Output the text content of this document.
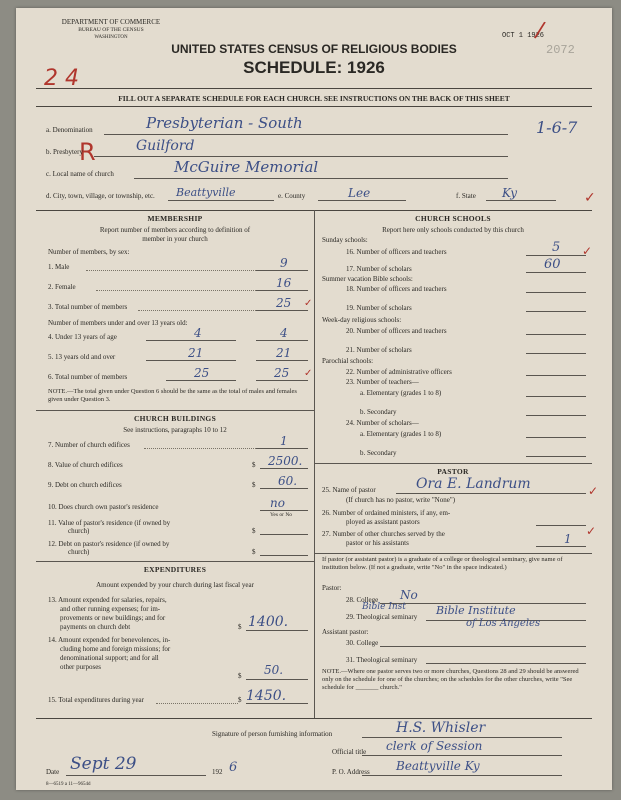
DEPARTMENT OF COMMERCE
BUREAU OF THE CENSUS
WASHINGTON
UNITED STATES CENSUS OF RELIGIOUS BODIES
SCHEDULE: 1926
2 4
OCT 1 1926
2072
/
FILL OUT A SEPARATE SCHEDULE FOR EACH CHURCH. SEE INSTRUCTIONS ON THE BACK OF THIS SHEET
a. Denomination	Presbyterian - South	1-6-7
R
b. Presbytery	Guilford
c. Local name of church	McGuire Memorial
d. City, town, village, or township, etc. Beattyville	e. County	Lee	f. State Ky	✓
MEMBERSHIP
Report number of members according to definition of
member in your church
Number of members, by sex:
1. Male	9
2. Female	16
3. Total number of members	25
Number of members under and over 13 years old:
4. Under 13 years of age	4	4
5. 13 years old and over	21	21
6. Total number of members	25	25
NOTE.—The total given under Question 6 should be the same as the total of males and females given under Question 3.
CHURCH BUILDINGS
See instructions, paragraphs 10 to 12
7. Number of church edifices	1
8. Value of church edifices	$ 2500.
9. Debt on church edifices	$ 60.
10. Does church own pastor's residence	no
Yes or No
11. Value of pastor's residence (if owned by
church)	$
12. Debt on pastor's residence (if owned by
church)	$
EXPENDITURES
Amount expended by your church during last fiscal year
13. Amount expended for salaries, repairs,
and other running expenses; for im-
provements or new buildings; and for
payments on church debt	$ 1400.
14. Amount expended for benevolences, in-
cluding home and foreign missions; for
denominational support; and for all
other purposes
$ 50.
15. Total expenditures during year	$ 1450.
CHURCH SCHOOLS
Report here only schools conducted by this church
Sunday schools:
16. Number of officers and teachers	5
17. Number of scholars	60
Summer vacation Bible schools:
18. Number of officers and teachers
19. Number of scholars
Week-day religious schools:
20. Number of officers and teachers
21. Number of scholars
Parochial schools:
22. Number of administrative officers
23. Number of teachers—
a. Elementary (grades 1 to 8)
b. Secondary
24. Number of scholars—
a. Elementary (grades 1 to 8)
b. Secondary
PASTOR
25. Name of pastor	Ora E. Landrum
(If church has no pastor, write "None")
26. Number of ordained ministers, if any, em-
ployed as assistant pastors
27. Number of other churches served by the
pastor or his assistants	1
If pastor (or assistant pastor) is a graduate of a college or theological seminary, give name of institution below. (If not a graduate, write "No" in the space indicated.)
Pastor:
28. College No
29. Theological seminary
Bible Inst	Bible Institute
of Los Angeles
Assistant pastor:
30. College
31. Theological seminary
NOTE.—Where one pastor serves two or more churches, Questions 28 and 29 should be answered only on the schedule for one of the churches; on the schedules for the other churches, write "See schedule for _______ church."
Signature of person furnishing information	H.S. Whisler
Official title clerk of Session
Date Sept 29	192 6	P. O. Address Beattyville Ky
8—6519 a 11—9654d
✓
✓
✓
✓
✓
